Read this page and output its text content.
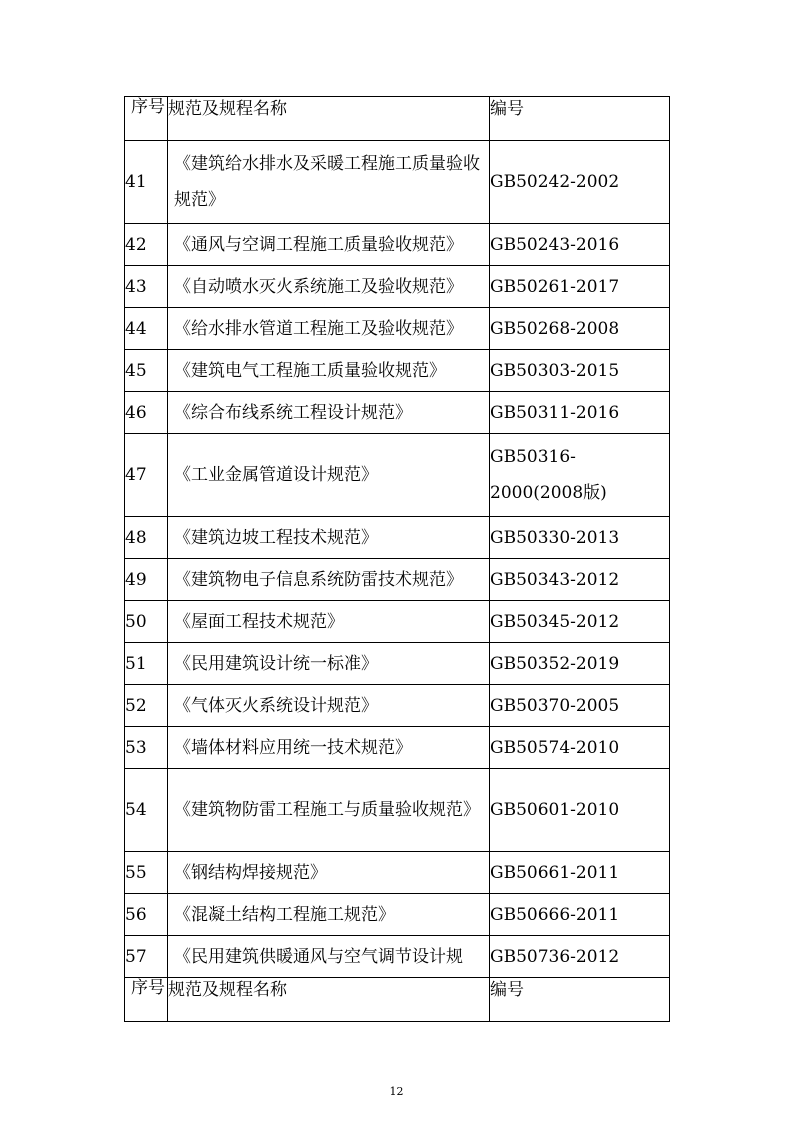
序号	规范及规程名称	编号
41	《建筑给水排水及采暖工程施工质量验收规范》	GB50242-2002
42	《通风与空调工程施工质量验收规范》	GB50243-2016
43	《自动喷水灭火系统施工及验收规范》	GB50261-2017
44	《给水排水管道工程施工及验收规范》	GB50268-2008
45	《建筑电气工程施工质量验收规范》	GB50303-2015
46	《综合布线系统工程设计规范》	GB50311-2016
47	《工业金属管道设计规范》	GB50316-2000(2008版)
48	《建筑边坡工程技术规范》	GB50330-2013
49	《建筑物电子信息系统防雷技术规范》	GB50343-2012
50	《屋面工程技术规范》	GB50345-2012
51	《民用建筑设计统一标准》	GB50352-2019
52	《气体灭火系统设计规范》	GB50370-2005
53	《墙体材料应用统一技术规范》	GB50574-2010
54	《建筑物防雷工程施工与质量验收规范》	GB50601-2010
55	《钢结构焊接规范》	GB50661-2011
56	《混凝土结构工程施工规范》	GB50666-2011
57	《民用建筑供暖通风与空气调节设计规	GB50736-2012
序号	规范及规程名称	编号
12
